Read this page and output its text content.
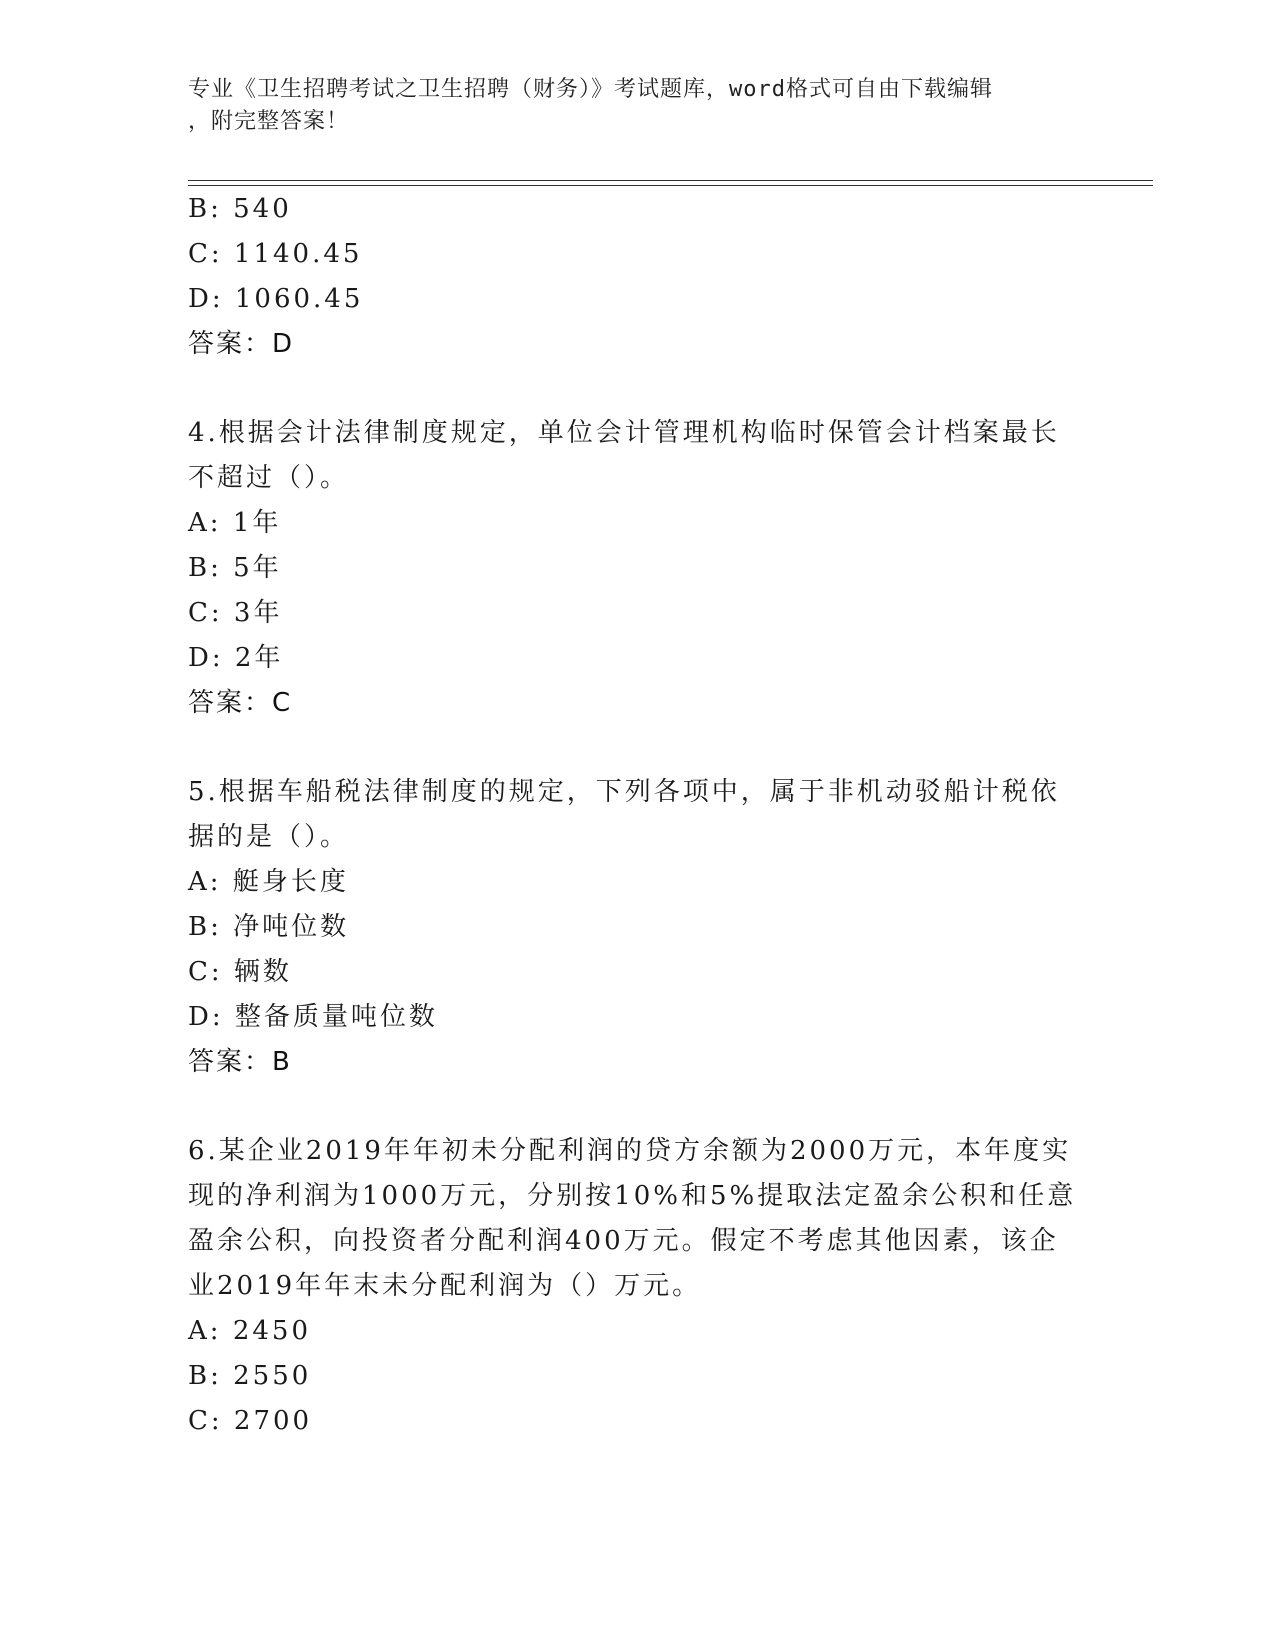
专业《卫生招聘考试之卫生招聘（财务）》考试题库，word格式可自由下载编辑
，附完整答案！
B: 540
C: 1140.45
D: 1060.45
答案：D
4.根据会计法律制度规定，单位会计管理机构临时保管会计档案最长
不超过（）。
A: 1年
B: 5年
C: 3年
D: 2年
答案：C
5.根据车船税法律制度的规定，下列各项中，属于非机动驳船计税依
据的是（）。
A: 艇身长度
B: 净吨位数
C: 辆数
D: 整备质量吨位数
答案：B
6.某企业2019年年初未分配利润的贷方余额为2000万元，本年度实
现的净利润为1000万元，分别按10%和5%提取法定盈余公积和任意
盈余公积，向投资者分配利润400万元。假定不考虑其他因素，该企
业2019年年末未分配利润为（）万元。
A: 2450
B: 2550
C: 2700
